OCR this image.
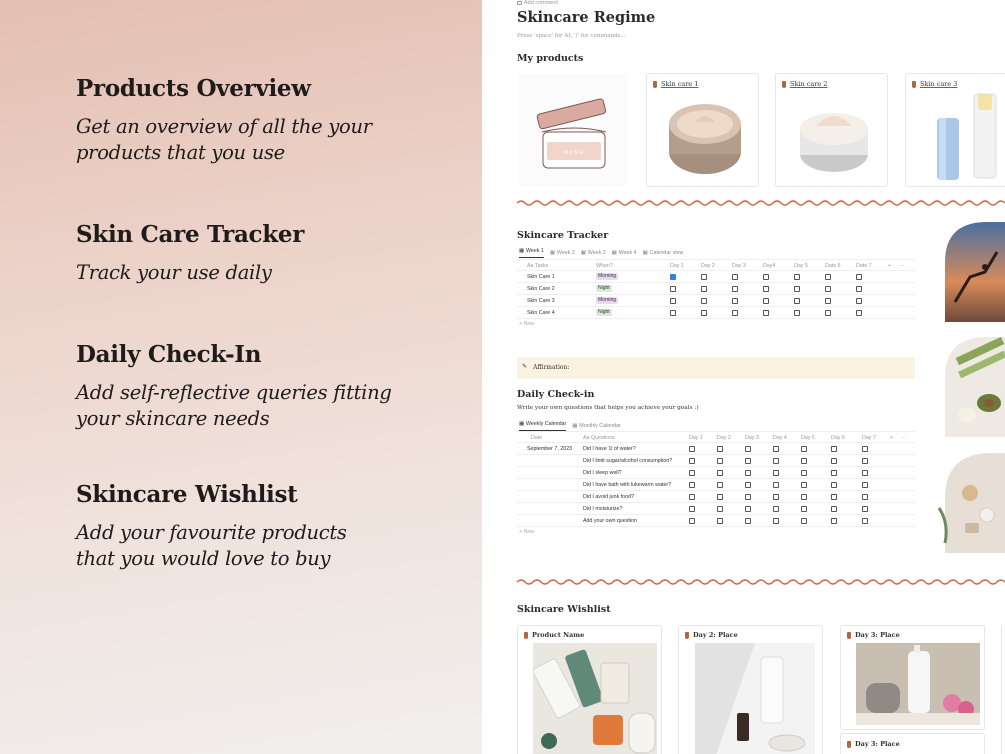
Products Overview

Get an overview of all the your
products that you use

Skin Care Tracker

Track your use daily

Daily Check-In

Add self-reflective queries fitting
your skincare needs

Skincare Wishlist

Add your favourite products
that you would love to buy

Add comment
Skincare Regime
Press 'space' for AI, '/' for commands...
My products
N O M E
Skin care 1	Skin care 2	Skin care 3
Skincare Tracker
▦ Week 1 ▦ Week 2 ▦ Week 3 ▦ Week 4 ▦ Calendar view
Aa Tasks	When?	Day 1	Day 2	Day 3	Day4	Day 5	Date 6	Date 7	+ ···
Skin Care 1	Morning
Skin Care 2	Night
Skin Care 3	Morning
Skin Care 4	Night
+ New
✎ Affirmation:
Daily Check-in
Write your own questions that helps you achieve your goals :)
▦ Weekly Calendar ▦ Monthly Calendar
Date	Aa Questions	Day 1	Day 2	Day 3	Day 4	Day 5	Day 6	Day 7	+ ···
September 7, 2023 Did I have 1l of water?
Did I limit sugar/alcohol consumption?
Did I sleep well?
Did I have bath with lukewarm water?
Did I avoid junk food?
Did I moisturize?
Add your own question
+ New
Skincare Wishlist
Product Name	Day 2: Place	Day 3: Place
Day 3: Place
